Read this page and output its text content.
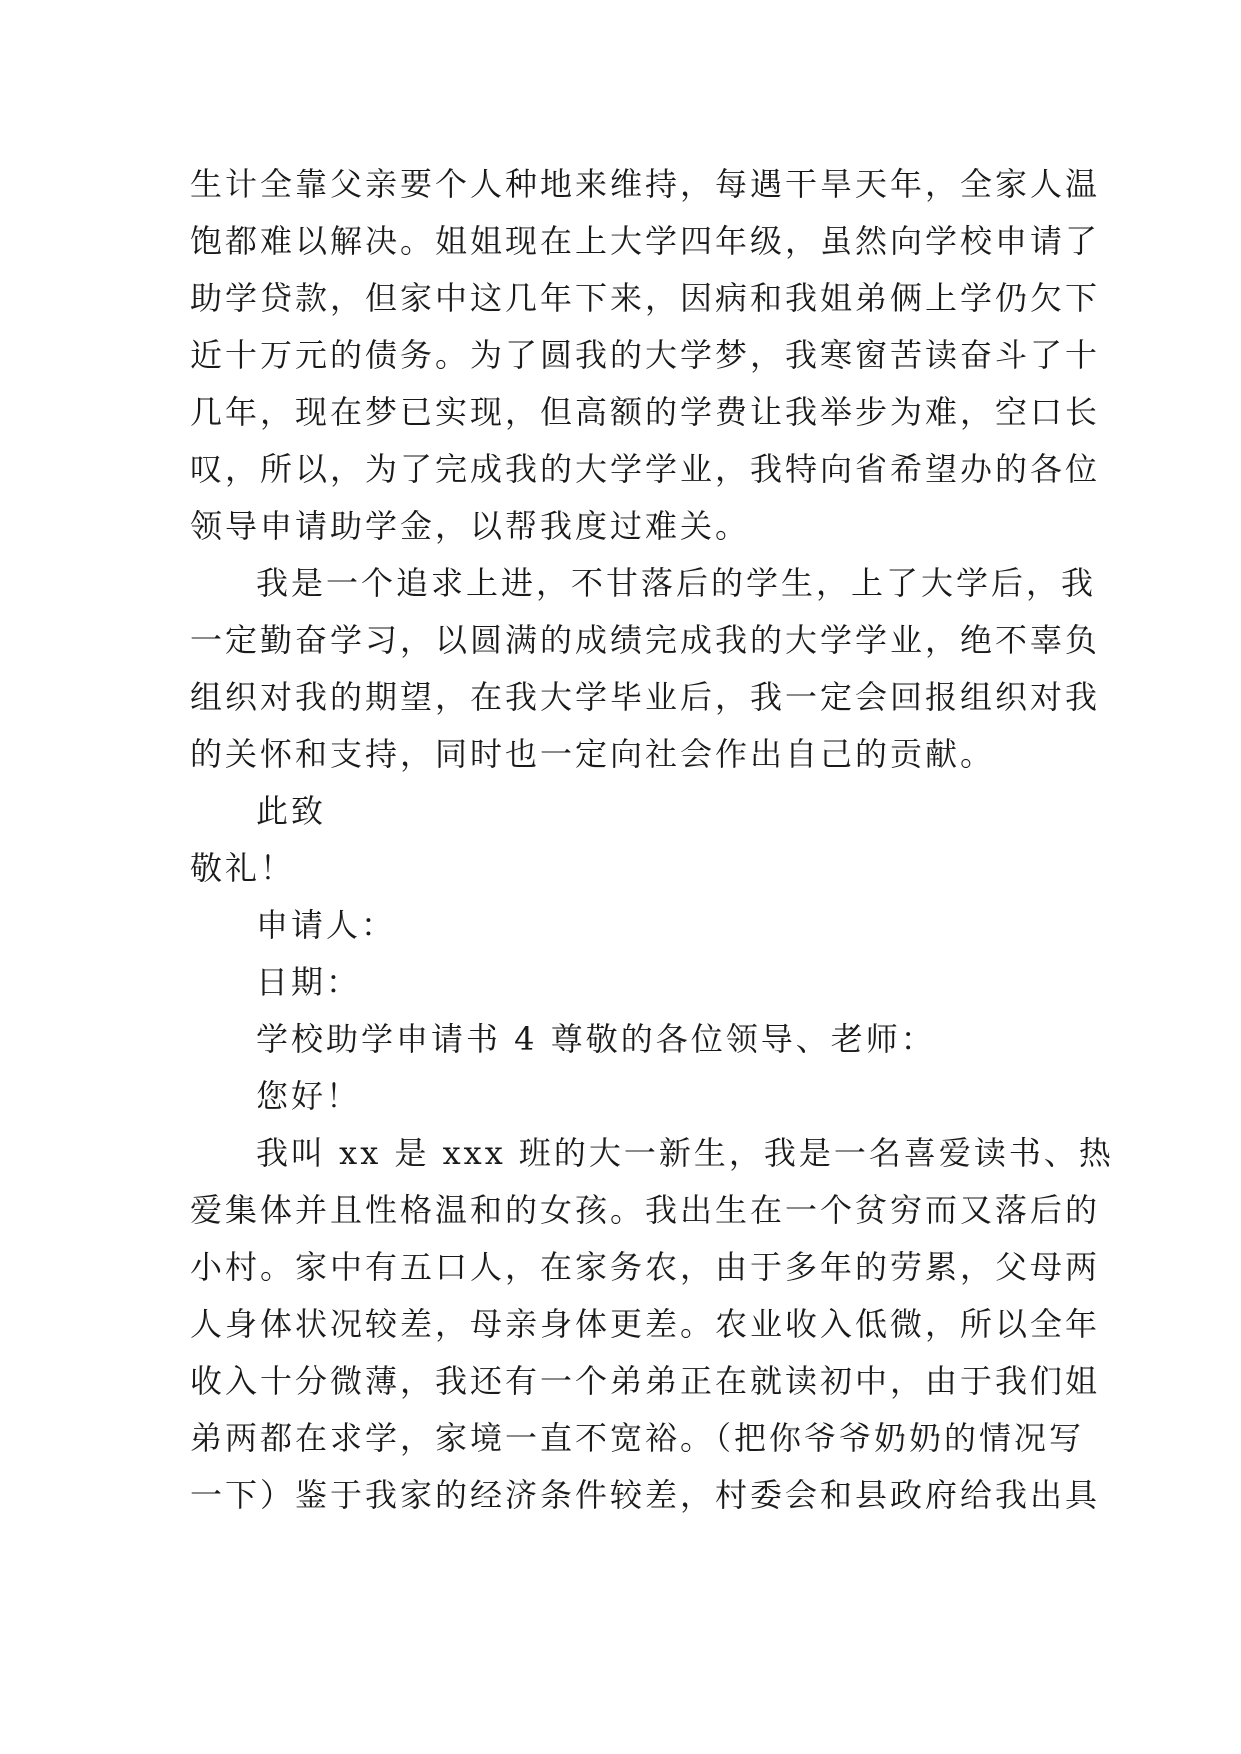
生计全靠父亲要个人种地来维持，每遇干旱天年，全家人温
饱都难以解决。姐姐现在上大学四年级，虽然向学校申请了
助学贷款，但家中这几年下来，因病和我姐弟俩上学仍欠下
近十万元的债务。为了圆我的大学梦，我寒窗苦读奋斗了十
几年，现在梦已实现，但高额的学费让我举步为难，空口长
叹，所以，为了完成我的大学学业，我特向省希望办的各位
领导申请助学金，以帮我度过难关。
我是一个追求上进，不甘落后的学生，上了大学后，我
一定勤奋学习，以圆满的成绩完成我的大学学业，绝不辜负
组织对我的期望，在我大学毕业后，我一定会回报组织对我
的关怀和支持，同时也一定向社会作出自己的贡献。
此致
敬礼！
申请人：
日期：
学校助学申请书 4 尊敬的各位领导、老师：
您好！
我叫 xx 是 xxx 班的大一新生，我是一名喜爱读书、热
爱集体并且性格温和的女孩。我出生在一个贫穷而又落后的
小村。家中有五口人，在家务农，由于多年的劳累，父母两
人身体状况较差，母亲身体更差。农业收入低微，所以全年
收入十分微薄，我还有一个弟弟正在就读初中，由于我们姐
弟两都在求学，家境一直不宽裕。（把你爷爷奶奶的情况写
一下）鉴于我家的经济条件较差，村委会和县政府给我出具
